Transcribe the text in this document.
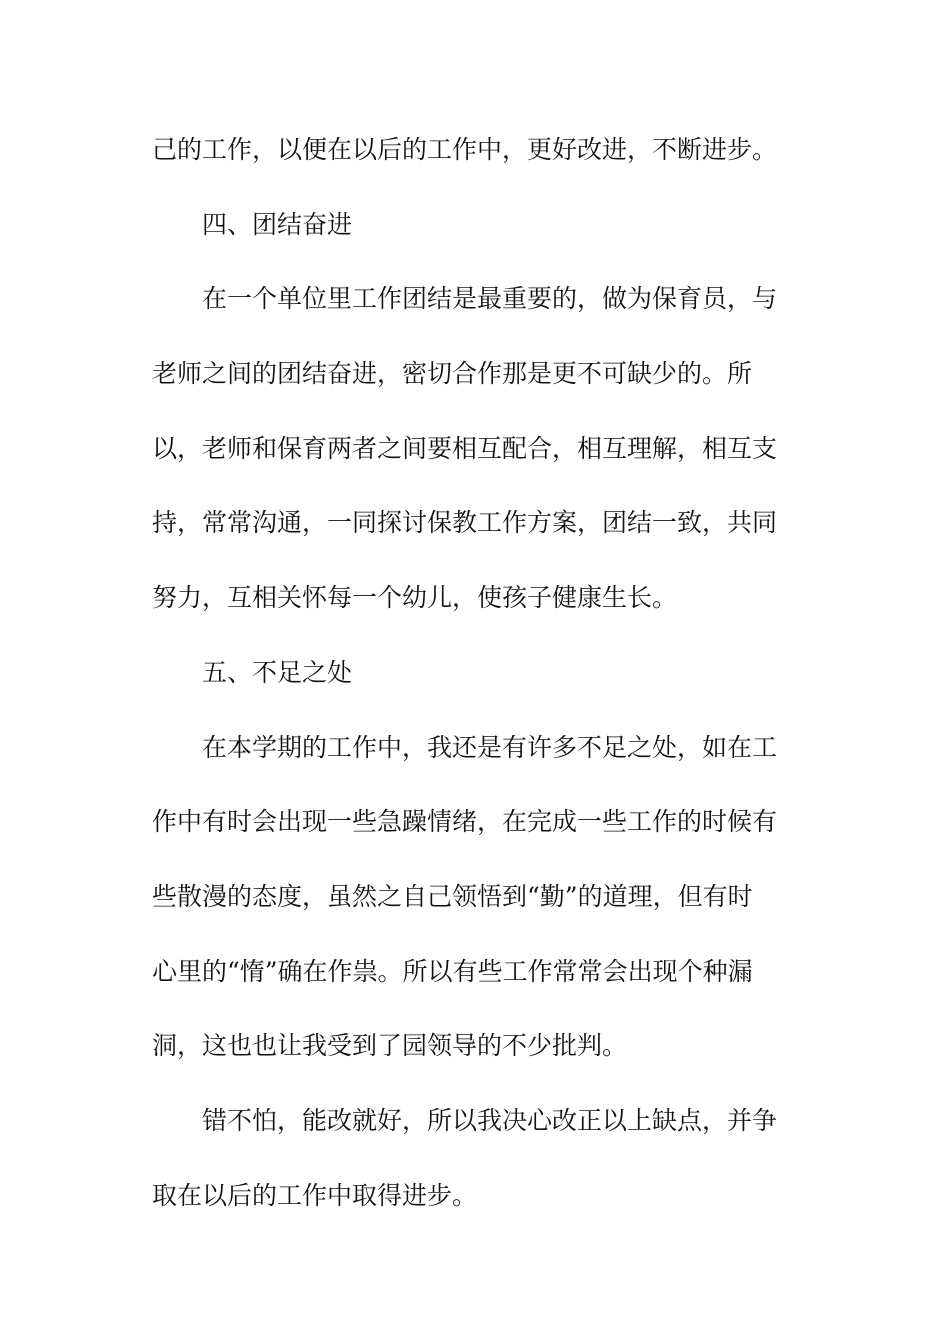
己的工作，以便在以后的工作中，更好改进，不断进步。
四、团结奋进
在一个单位里工作团结是最重要的，做为保育员，与
老师之间的团结奋进，密切合作那是更不可缺少的。所
以，老师和保育两者之间要相互配合，相互理解，相互支
持，常常沟通，一同探讨保教工作方案，团结一致，共同
努力，互相关怀每一个幼儿，使孩子健康生长。
五、不足之处
在本学期的工作中，我还是有许多不足之处，如在工
作中有时会出现一些急躁情绪，在完成一些工作的时候有
些散漫的态度，虽然之自己领悟到“勤”的道理，但有时
心里的“惰”确在作祟。所以有些工作常常会出现个种漏
洞，这也也让我受到了园领导的不少批判。
错不怕，能改就好，所以我决心改正以上缺点，并争
取在以后的工作中取得进步。
